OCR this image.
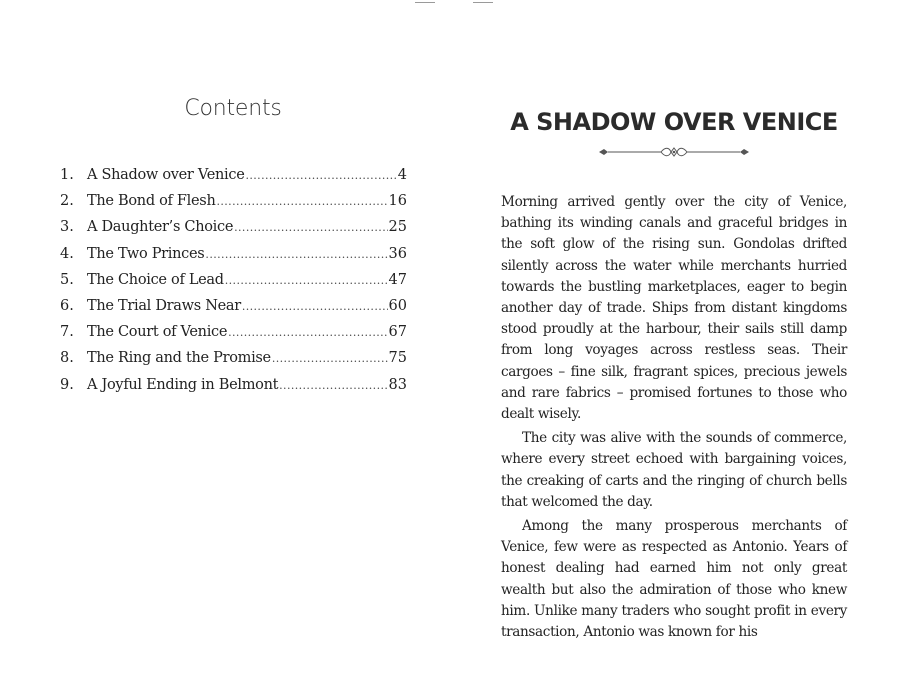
Contents
1. A Shadow over Venice .....	4
2. The Bond of Flesh .....	16
3. A Daughter’s Choice .....	25
4. The Two Princes .....	36
5. The Choice of Lead .....	47
6. The Trial Draws Near .....	60
7. The Court of Venice .....	67
8. The Ring and the Promise .....	75
9. A Joyful Ending in Belmont .....	83
A SHADOW OVER VENICE

Morning arrived gently over the city of Venice, bathing its winding canals and graceful bridges in the soft glow of the rising sun. Gondolas drifted silently across the water while merchants hurried towards the bustling marketplaces, eager to begin another day of trade. Ships from distant kingdoms stood proudly at the harbour, their sails still damp from long voyages across restless seas. Their cargoes – fine silk, fragrant spices, precious jewels and rare fabrics – promised fortunes to those who dealt wisely.

The city was alive with the sounds of commerce, where every street echoed with bargaining voices, the creaking of carts and the ringing of church bells that welcomed the day.

Among the many prosperous merchants of Venice, few were as respected as Antonio. Years of honest dealing had earned him not only great wealth but also the admiration of those who knew him. Unlike many traders who sought profit in every transaction, Antonio was known for his
